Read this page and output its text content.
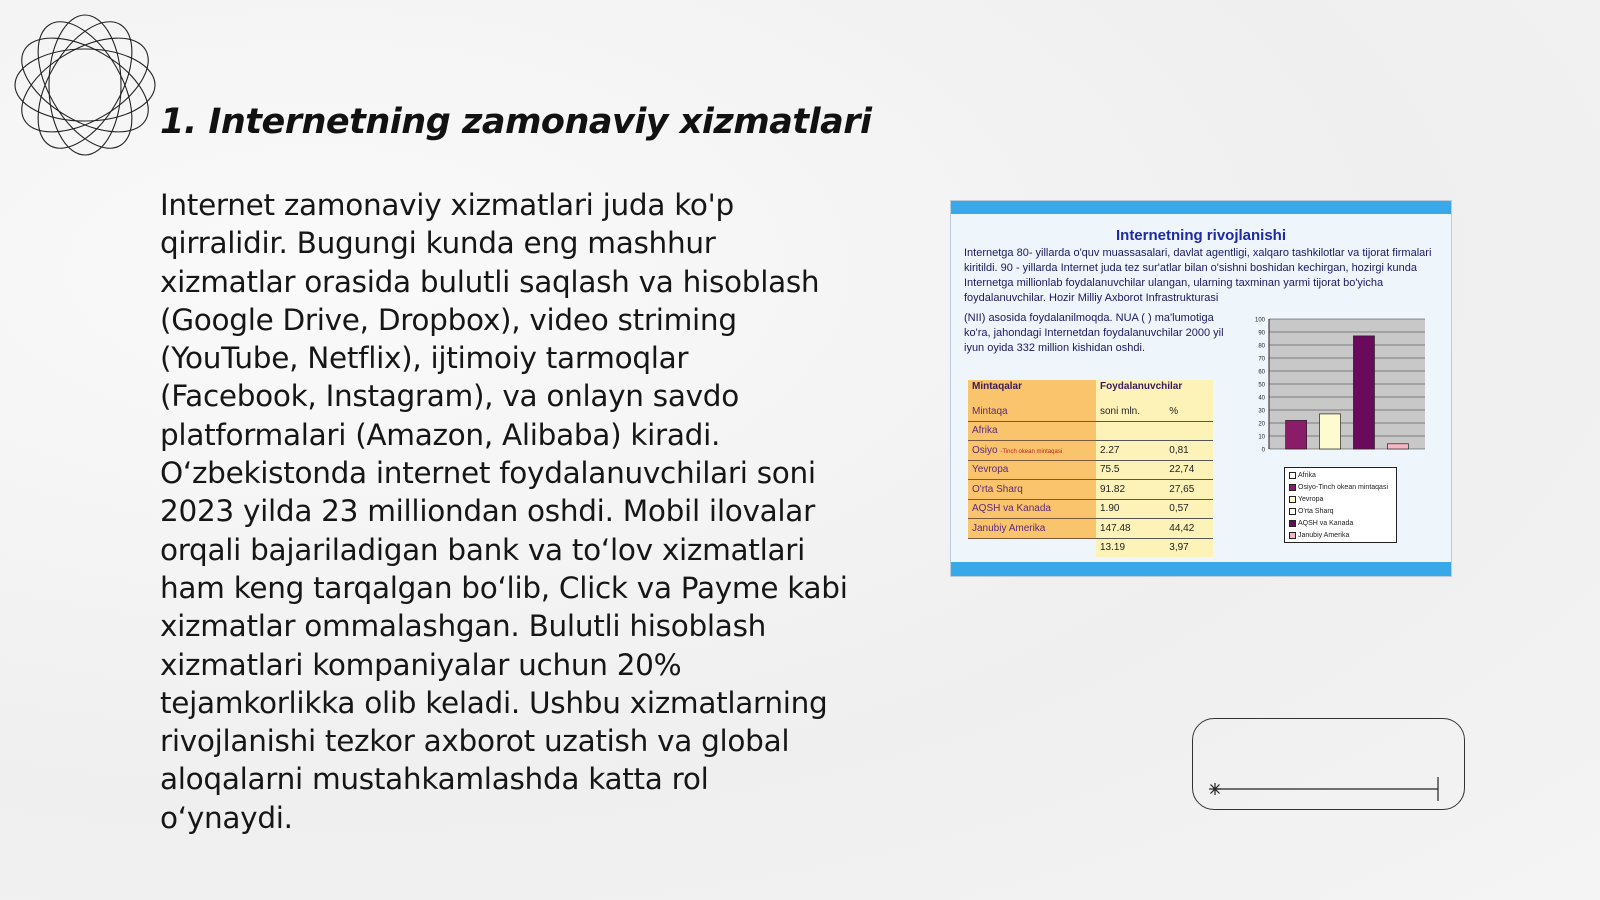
1. Internetning zamonaviy xizmatlari

Internet zamonaviy xizmatlari juda ko'p qirralidir. Bugungi kunda eng mashhur xizmatlar orasida bulutli saqlash va hisoblash (Google Drive, Dropbox), video striming (YouTube, Netflix), ijtimoiy tarmoqlar (Facebook, Instagram), va onlayn savdo platformalari (Amazon, Alibaba) kiradi. O‘zbekistonda internet foydalanuvchilari soni 2023 yilda 23 milliondan oshdi. Mobil ilovalar orqali bajariladigan bank va to‘lov xizmatlari ham keng tarqalgan bo‘lib, Click va Payme kabi xizmatlar ommalashgan. Bulutli hisoblash xizmatlari kompaniyalar uchun 20% tejamkorlikka olib keladi. Ushbu xizmatlarning rivojlanishi tezkor axborot uzatish va global aloqalarni mustahkamlashda katta rol o‘ynaydi.

Internetning rivojlanishi

Internetga 80- yillarda o'quv muassasalari, davlat agentligi, xalqaro tashkilotlar va tijorat firmalari kiritildi. 90 - yillarda Internet juda tez sur'atlar bilan o'sishni boshidan kechirgan, hozirgi kunda Internetga millionlab foydalanuvchilar ulangan, ularning taxminan yarmi tijorat bo'yicha foydalanuvchilar. Hozir Milliy Axborot Infrastrukturasi

(NII) asosida foydalanilmoqda. NUA ( ) ma'lumotiga ko'ra, jahondagi Internetdan foydalanuvchilar 2000 yil iyun oyida 332 million kishidan oshdi.

Mintaqalar	Foydalanuvchilar	
Mintaqa	soni mln.	%
Afrika		
Osiyo -Tinch okean mintaqasi	2.27	0,81
Yevropa	75.5	22,74
O'rta Sharq	91.82	27,65
AQSH va Kanada	1.90	0,57
Janubiy Amerika	147.48	44,42
	13.19	3,97
0
10
20
30
40
50
60
70
80
90
100
Afrika
Osiyo-Tinch okean mintaqasi
Yevropa
O'rta Sharq
AQSH va Kanada
Janubiy Amerika
